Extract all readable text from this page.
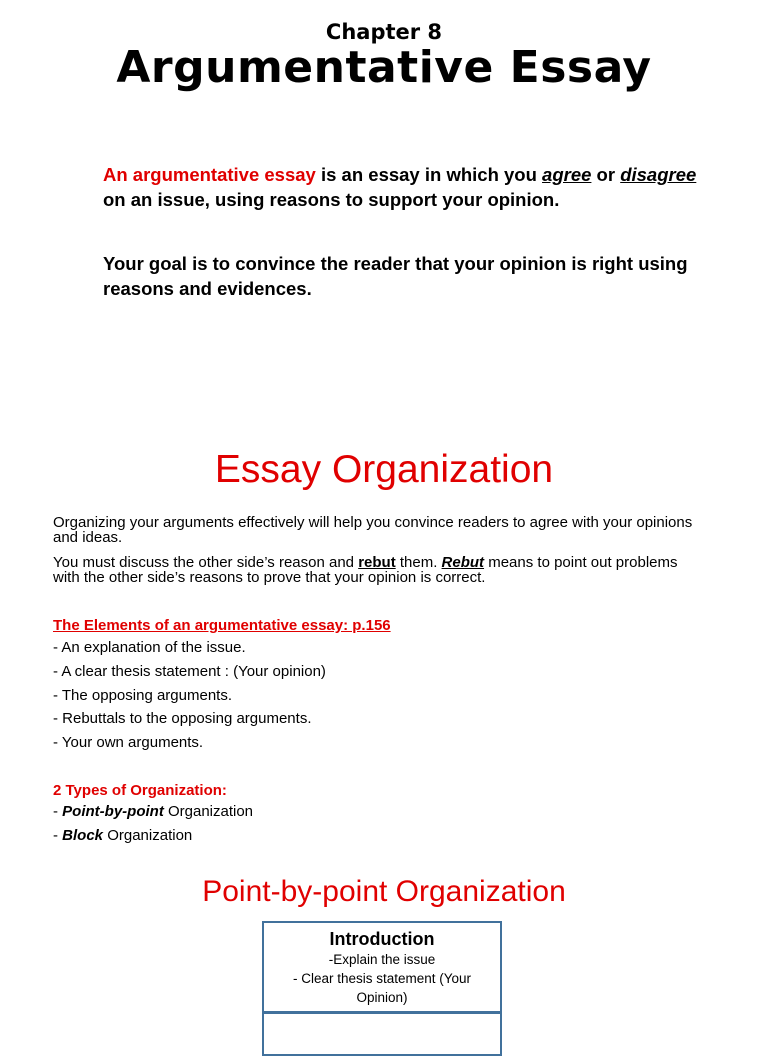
Chapter 8
Argumentative Essay
An argumentative essay is an essay in which you agree or disagree on an issue, using reasons to support your opinion.
Your goal is to convince the reader that your opinion is right using reasons and evidences.
Essay Organization
Organizing your arguments effectively will help you convince readers to agree with your opinions and ideas.
You must discuss the other side’s reason and rebut them. Rebut means to point out problems with the other side’s reasons to prove that your opinion is correct.
The Elements of an argumentative essay: p.156
- An explanation of the issue.
- A clear thesis statement : (Your opinion)
- The opposing arguments.
- Rebuttals to the opposing arguments.
- Your own arguments.
2 Types of Organization:
- Point-by-point Organization
- Block Organization
Point-by-point Organization
Introduction
-Explain the issue
- Clear thesis statement (Your
Opinion)
